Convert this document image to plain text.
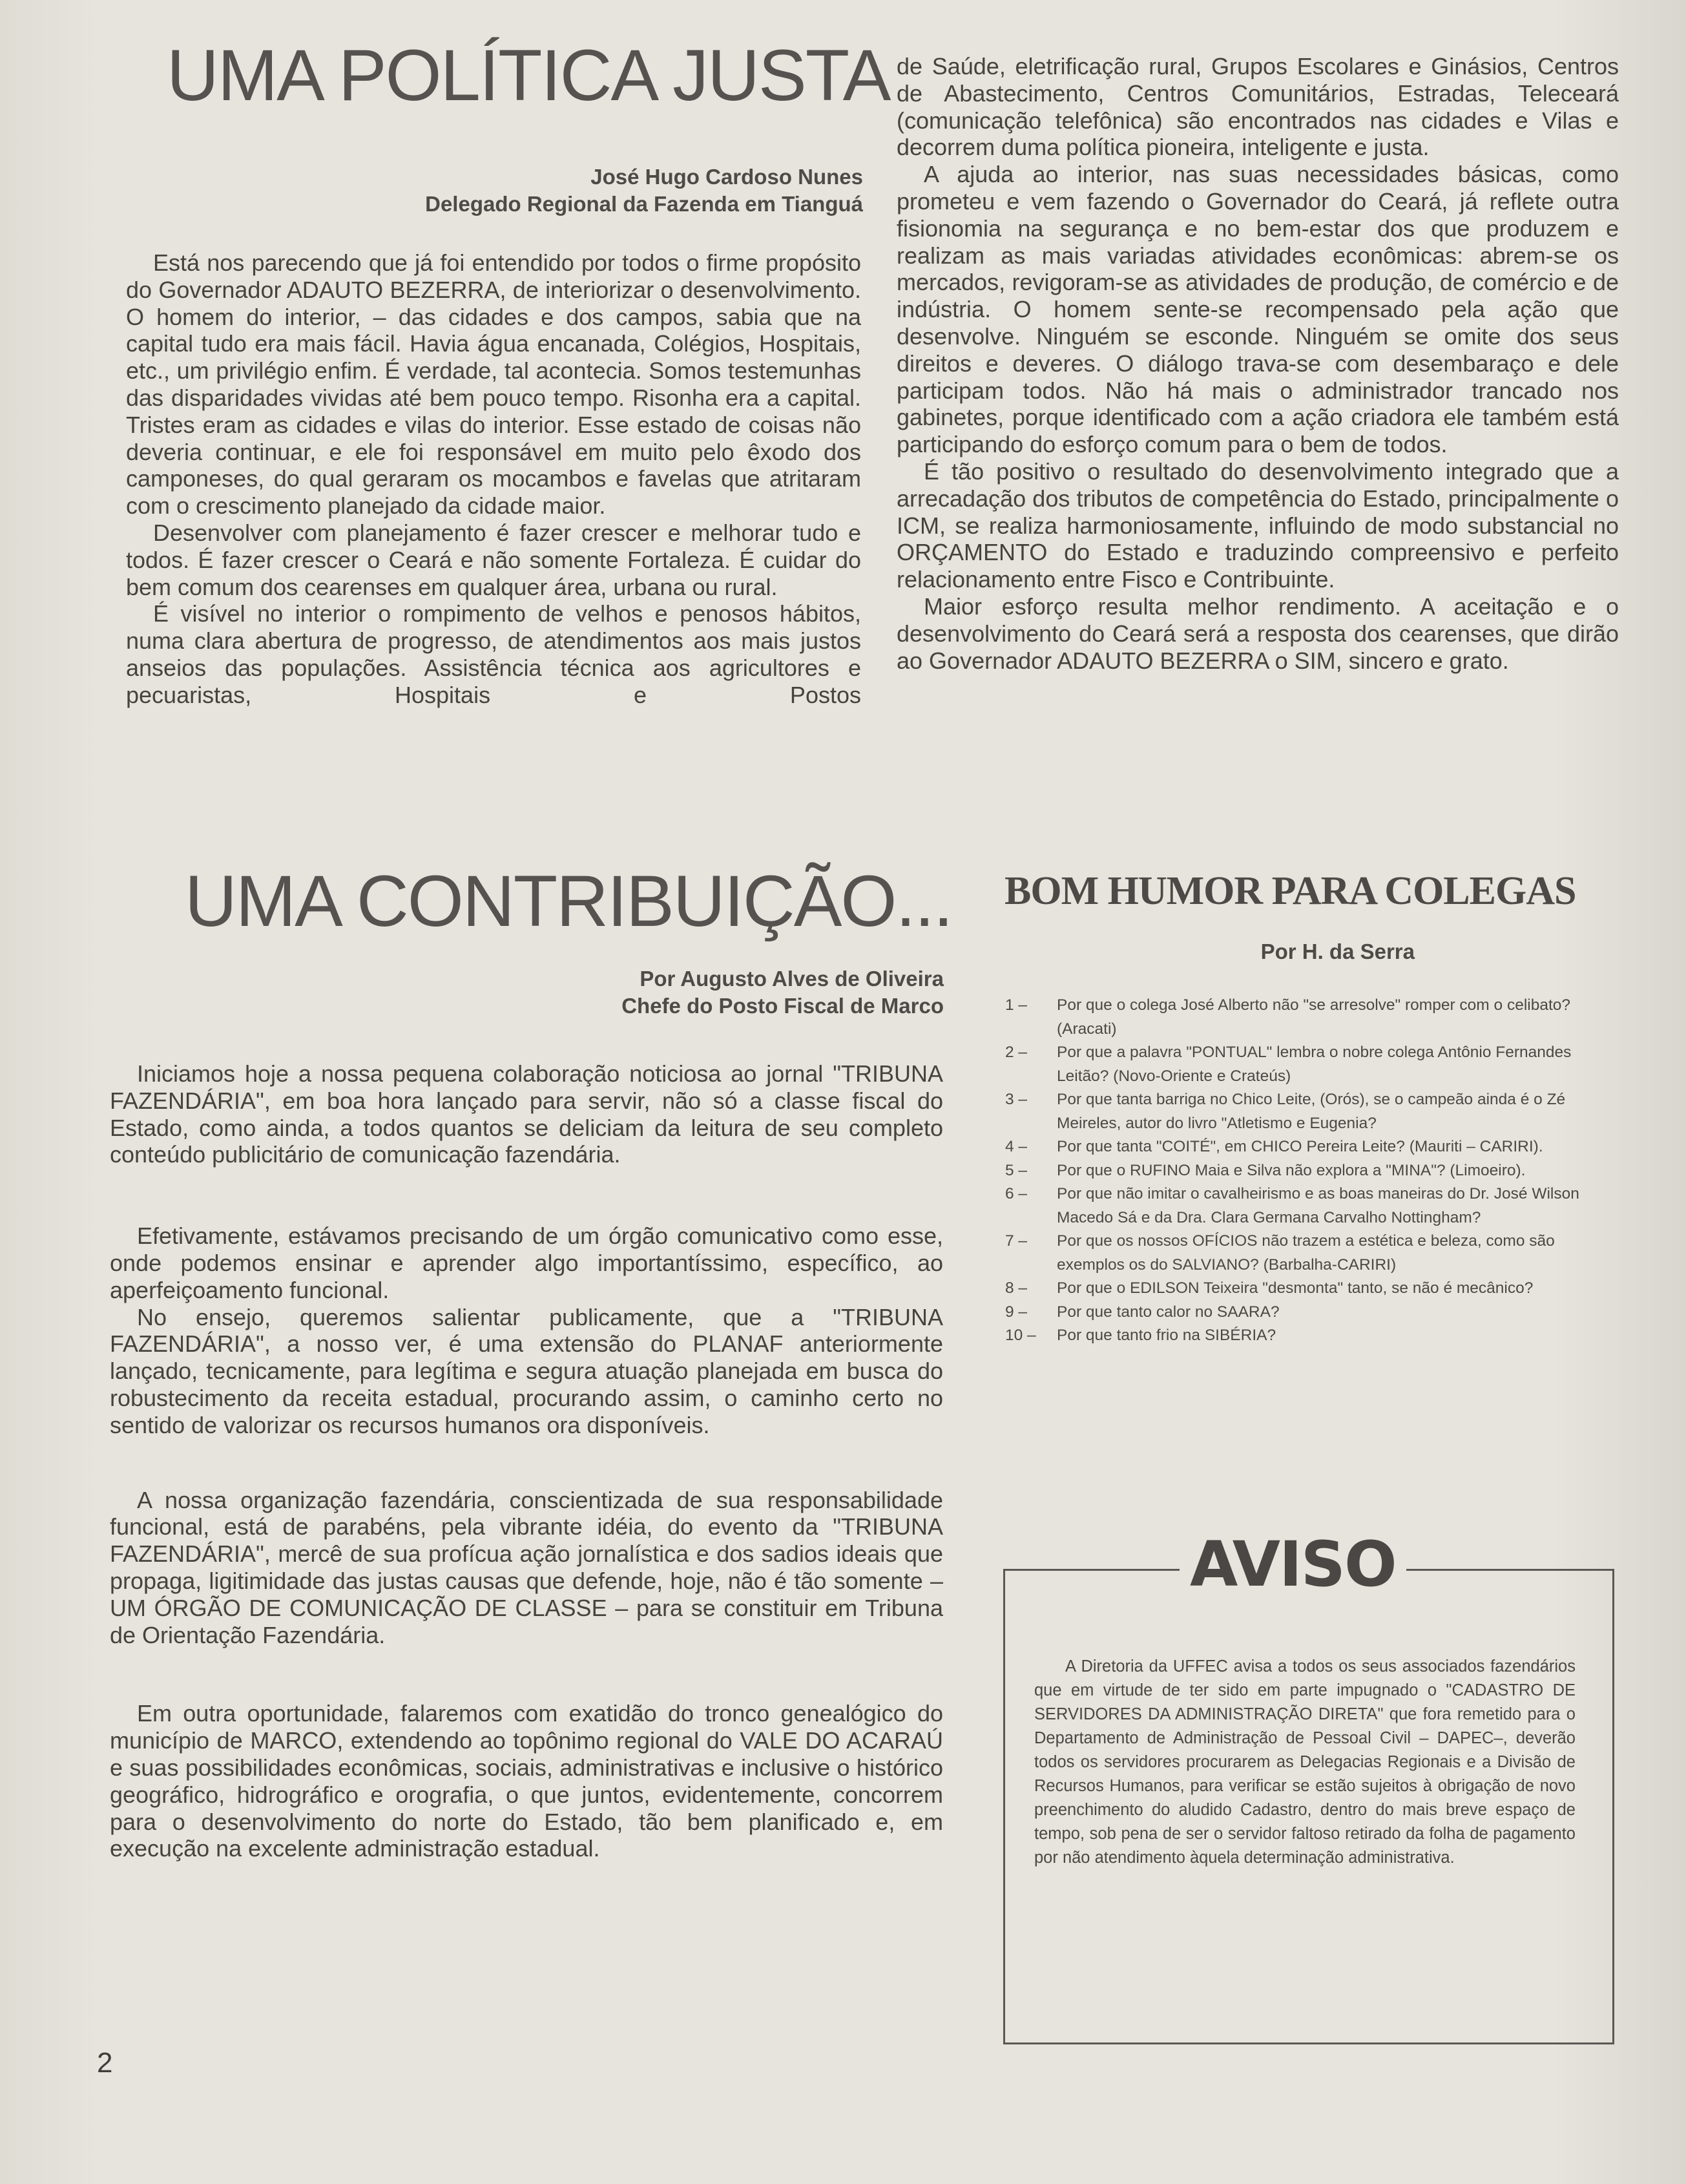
UMA POLÍTICA JUSTA
José Hugo Cardoso Nunes
Delegado Regional da Fazenda em Tianguá

Está nos parecendo que já foi entendido por todos o firme propósito do Governador ADAUTO BEZERRA, de interiorizar o desenvolvimento. O homem do interior, – das cidades e dos campos, sabia que na capital tudo era mais fácil. Havia água encanada, Colégios, Hospitais, etc., um privilégio enfim. É verdade, tal acontecia. Somos testemunhas das disparidades vividas até bem pouco tempo. Risonha era a capital. Tristes eram as cidades e vilas do interior. Esse estado de coisas não deveria continuar, e ele foi responsável em muito pelo êxodo dos camponeses, do qual geraram os mocambos e favelas que atritaram com o crescimento planejado da cidade maior.

Desenvolver com planejamento é fazer crescer e melhorar tudo e todos. É fazer crescer o Ceará e não somente Fortaleza. É cuidar do bem comum dos cearenses em qualquer área, urbana ou rural.

É visível no interior o rompimento de velhos e penosos hábitos, numa clara abertura de progresso, de atendimentos aos mais justos anseios das populações. Assistência técnica aos agricultores e pecuaristas, Hospitais e Postos

de Saúde, eletrificação rural, Grupos Escolares e Ginásios, Centros de Abastecimento, Centros Comunitários, Estradas, Teleceará (comunicação telefônica) são encontrados nas cidades e Vilas e decorrem duma política pioneira, inteligente e justa.

A ajuda ao interior, nas suas necessidades básicas, como prometeu e vem fazendo o Governador do Ceará, já reflete outra fisionomia na segurança e no bem-estar dos que produzem e realizam as mais variadas atividades econômicas: abrem-se os mercados, revigoram-se as atividades de produção, de comércio e de indústria. O homem sente-se recompensado pela ação que desenvolve. Ninguém se esconde. Ninguém se omite dos seus direitos e deveres. O diálogo trava-se com desembaraço e dele participam todos. Não há mais o administrador trancado nos gabinetes, porque identificado com a ação criadora ele também está participando do esforço comum para o bem de todos.

É tão positivo o resultado do desenvolvimento integrado que a arrecadação dos tributos de competência do Estado, principalmente o ICM, se realiza harmoniosamente, influindo de modo substancial no ORÇAMENTO do Estado e traduzindo compreensivo e perfeito relacionamento entre Fisco e Contribuinte.

Maior esforço resulta melhor rendimento. A aceitação e o desenvolvimento do Ceará será a resposta dos cearenses, que dirão ao Governador ADAUTO BEZERRA o SIM, sincero e grato.

UMA CONTRIBUIÇÃO...
Por Augusto Alves de Oliveira
Chefe do Posto Fiscal de Marco

Iniciamos hoje a nossa pequena colaboração noticiosa ao jornal "TRIBUNA FAZENDÁRIA", em boa hora lançado para servir, não só a classe fiscal do Estado, como ainda, a todos quantos se deliciam da leitura de seu completo conteúdo publicitário de comunicação fazendária.

Efetivamente, estávamos precisando de um órgão comunicativo como esse, onde podemos ensinar e aprender algo importantíssimo, específico, ao aperfeiçoamento funcional.

No ensejo, queremos salientar publicamente, que a "TRIBUNA FAZENDÁRIA", a nosso ver, é uma extensão do PLANAF anteriormente lançado, tecnicamente, para legítima e segura atuação planejada em busca do robustecimento da receita estadual, procurando assim, o caminho certo no sentido de valorizar os recursos humanos ora disponíveis.

A nossa organização fazendária, conscientizada de sua responsabilidade funcional, está de parabéns, pela vibrante idéia, do evento da "TRIBUNA FAZENDÁRIA", mercê de sua profícua ação jornalística e dos sadios ideais que propaga, ligitimidade das justas causas que defende, hoje, não é tão somente – UM ÓRGÃO DE COMUNICAÇÃO DE CLASSE – para se constituir em Tribuna de Orientação Fazendária.

Em outra oportunidade, falaremos com exatidão do tronco genealógico do município de MARCO, extendendo ao topônimo regional do VALE DO ACARAÚ e suas possibilidades econômicas, sociais, administrativas e inclusive o histórico geográfico, hidrográfico e orografia, o que juntos, evidentemente, concorrem para o desenvolvimento do norte do Estado, tão bem planificado e, em execução na excelente administração estadual.

BOM HUMOR PARA COLEGAS
Por H. da Serra
1 –	Por que o colega José Alberto não "se arresolve" romper com o celibato? (Aracati)
2 –	Por que a palavra "PONTUAL" lembra o nobre colega Antônio Fernandes Leitão? (Novo-Oriente e Crateús)
3 –	Por que tanta barriga no Chico Leite, (Orós), se o campeão ainda é o Zé Meireles, autor do livro "Atletismo e Eugenia?
4 –	Por que tanta "COITÉ", em CHICO Pereira Leite? (Mauriti – CARIRI).
5 –	Por que o RUFINO Maia e Silva não explora a "MINA"? (Limoeiro).
6 –	Por que não imitar o cavalheirismo e as boas maneiras do Dr. José Wilson Macedo Sá e da Dra. Clara Germana Carvalho Nottingham?
7 –	Por que os nossos OFÍCIOS não trazem a estética e beleza, como são exemplos os do SALVIANO? (Barbalha-CARIRI)
8 –	Por que o EDILSON Teixeira "desmonta" tanto, se não é mecânico?
9 –	Por que tanto calor no SAARA?
10 –	Por que tanto frio na SIBÉRIA?
AVISO

A Diretoria da UFFEC avisa a todos os seus associados fazendários que em virtude de ter sido em parte impugnado o "CADASTRO DE SERVIDORES DA ADMINISTRAÇÃO DIRETA" que fora remetido para o Departamento de Administração de Pessoal Civil – DAPEC–, deverão todos os servidores procurarem as Delegacias Regionais e a Divisão de Recursos Humanos, para verificar se estão sujeitos à obrigação de novo preenchimento do aludido Cadastro, dentro do mais breve espaço de tempo, sob pena de ser o servidor faltoso retirado da folha de pagamento por não atendimento àquela determinação administrativa.

2
